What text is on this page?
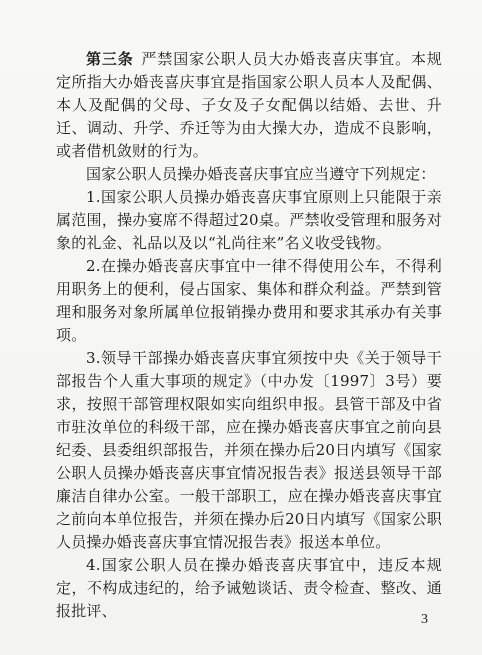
第三条 严禁国家公职人员大办婚丧喜庆事宜。本规定所指大办婚丧喜庆事宜是指国家公职人员本人及配偶、本人及配偶的父母、子女及子女配偶以结婚、去世、升迁、调动、升学、乔迁等为由大操大办，造成不良影响，或者借机敛财的行为。

国家公职人员操办婚丧喜庆事宜应当遵守下列规定：

1.国家公职人员操办婚丧喜庆事宜原则上只能限于亲属范围，操办宴席不得超过20桌。严禁收受管理和服务对象的礼金、礼品以及以“礼尚往来”名义收受钱物。

2.在操办婚丧喜庆事宜中一律不得使用公车，不得利用职务上的便利，侵占国家、集体和群众利益。严禁到管理和服务对象所属单位报销操办费用和要求其承办有关事项。

3.领导干部操办婚丧喜庆事宜须按中央《关于领导干部报告个人重大事项的规定》（中办发〔1997〕3号）要求，按照干部管理权限如实向组织申报。县管干部及中省市驻汝单位的科级干部，应在操办婚丧喜庆事宜之前向县纪委、县委组织部报告，并须在操办后20日内填写《国家公职人员操办婚丧喜庆事宜情况报告表》报送县领导干部廉洁自律办公室。一般干部职工，应在操办婚丧喜庆事宜之前向本单位报告，并须在操办后20日内填写《国家公职人员操办婚丧喜庆事宜情况报告表》报送本单位。

4.国家公职人员在操办婚丧喜庆事宜中，违反本规定，不构成违纪的，给予诫勉谈话、责令检查、整改、通报批评、	3
